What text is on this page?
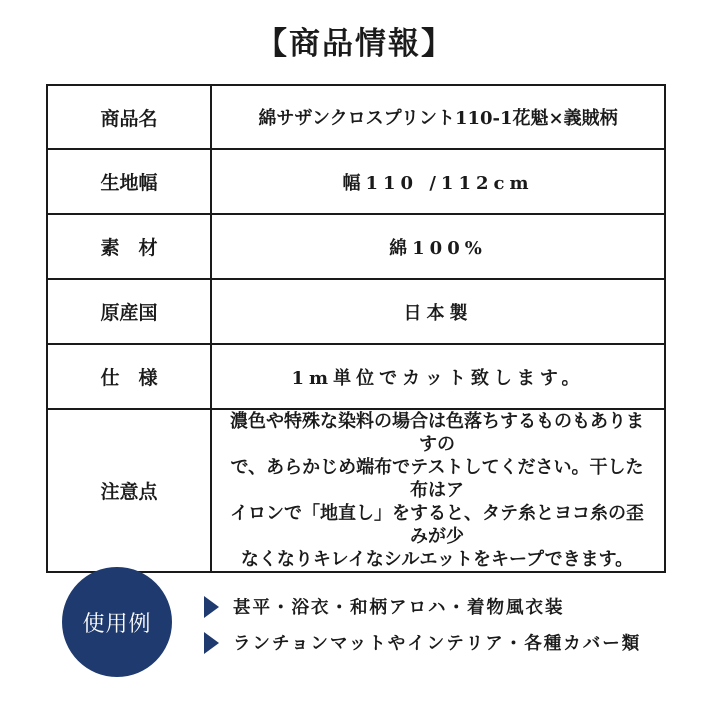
【商品情報】
商品名	綿サザンクロスプリント110-1花魁×義賊柄
生地幅	幅110 /112cm
素　材	綿100%
原産国	日本製
仕　様	1m単位でカット致します。
注意点	濃色や特殊な染料の場合は色落ちするものもありますの
で、あらかじめ端布でテストしてください。干した布はア
イロンで「地直し」をすると、タテ糸とヨコ糸の歪みが少
なくなりキレイなシルエットをキープできます。
使用例
甚平・浴衣・和柄アロハ・着物風衣装
ランチョンマットやインテリア・各種カバー類
